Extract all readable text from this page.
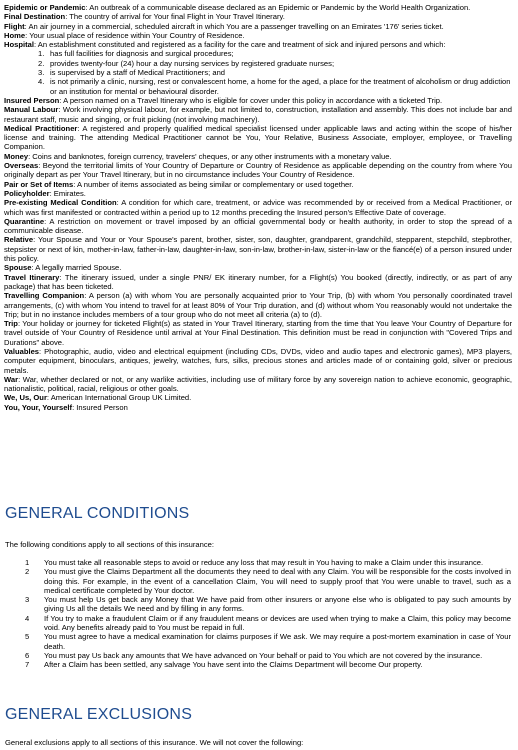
Epidemic or Pandemic: An outbreak of a communicable disease declared as an Epidemic or Pandemic by the World Health Organization.

Final Destination: The country of arrival for Your final Flight in Your Travel Itinerary.

Flight: An air journey in a commercial, scheduled aircraft in which You are a passenger travelling on an Emirates '176' series ticket.

Home: Your usual place of residence within Your Country of Residence.

Hospital: An establishment constituted and registered as a facility for the care and treatment of sick and injured persons and which:

1. has full facilities for diagnosis and surgical procedures;
2. provides twenty-four (24) hour a day nursing services by registered graduate nurses;
3. is supervised by a staff of Medical Practitioners; and
4. is not primarily a clinic, nursing, rest or convalescent home, a home for the aged, a place for the treatment of alcoholism or drug addiction or an institution for mental or behavioural disorder.

Insured Person: A person named on a Travel Itinerary who is eligible for cover under this policy in accordance with a ticketed Trip.

Manual Labour: Work involving physical labour, for example, but not limited to, construction, installation and assembly. This does not include bar and restaurant staff, music and singing, or fruit picking (not involving machinery).

Medical Practitioner: A registered and properly qualified medical specialist licensed under applicable laws and acting within the scope of his/her license and training. The attending Medical Practitioner cannot be You, Your Relative, Business Associate, employer, employee, or Travelling Companion.

Money: Coins and banknotes, foreign currency, travelers' cheques, or any other instruments with a monetary value.

Overseas: Beyond the territorial limits of Your Country of Departure or Country of Residence as applicable depending on the country from where You originally depart as per Your Travel Itinerary, but in no circumstance includes Your Country of Residence.

Pair or Set of Items: A number of items associated as being similar or complementary or used together.

Policyholder: Emirates.

Pre-existing Medical Condition: A condition for which care, treatment, or advice was recommended by or received from a Medical Practitioner, or which was first manifested or contracted within a period up to 12 months preceding the Insured person's Effective Date of coverage.

Quarantine: A restriction on movement or travel imposed by an official governmental body or health authority, in order to stop the spread of a communicable disease.

Relative: Your Spouse and Your or Your Spouse's parent, brother, sister, son, daughter, grandparent, grandchild, stepparent, stepchild, stepbrother, stepsister or next of kin, mother-in-law, father-in-law, daughter-in-law, son-in-law, brother-in-law, sister-in-law or the fiancé(e) of a person insured under this policy.

Spouse: A legally married Spouse.

Travel Itinerary: The itinerary issued, under a single PNR/ EK itinerary number, for a Flight(s) You booked (directly, indirectly, or as part of any package) that has been ticketed.

Travelling Companion: A person (a) with whom You are personally acquainted prior to Your Trip, (b) with whom You personally coordinated travel arrangements, (c) with whom You intend to travel for at least 80% of Your Trip duration, and (d) without whom You reasonably would not undertake the Trip; but in no instance includes members of a tour group who do not meet all criteria (a) to (d).

Trip: Your holiday or journey for ticketed Flight(s) as stated in Your Travel Itinerary, starting from the time that You leave Your Country of Departure for travel outside of Your Country of Residence until arrival at Your Final Destination. This definition must be read in conjunction with "Covered Trips and Durations" above.

Valuables: Photographic, audio, video and electrical equipment (including CDs, DVDs, video and audio tapes and electronic games), MP3 players, computer equipment, binoculars, antiques, jewelry, watches, furs, silks, precious stones and articles made of or containing gold, silver or precious metals.

War: War, whether declared or not, or any warlike activities, including use of military force by any sovereign nation to achieve economic, geographic, nationalistic, political, racial, religious or other goals.

We, Us, Our: American International Group UK Limited.

You, Your, Yourself: Insured Person

GENERAL CONDITIONS
The following conditions apply to all sections of this insurance:
1 You must take all reasonable steps to avoid or reduce any loss that may result in You having to make a Claim under this insurance.
2 You must give the Claims Department all the documents they need to deal with any Claim. You will be responsible for the costs involved in doing this. For example, in the event of a cancellation Claim, You will need to supply proof that You were unable to travel, such as a medical certificate completed by Your doctor.
3 You must help Us get back any Money that We have paid from other insurers or anyone else who is obligated to pay such amounts by giving Us all the details We need and by filling in any forms.
4 If You try to make a fraudulent Claim or if any fraudulent means or devices are used when trying to make a Claim, this policy may become void. Any benefits already paid to You must be repaid in full.
5 You must agree to have a medical examination for claims purposes if We ask. We may require a post-mortem examination in case of Your death.
6 You must pay Us back any amounts that We have advanced on Your behalf or paid to You which are not covered by the insurance.
7 After a Claim has been settled, any salvage You have sent into the Claims Department will become Our property.
GENERAL EXCLUSIONS
General exclusions apply to all sections of this insurance. We will not cover the following:
